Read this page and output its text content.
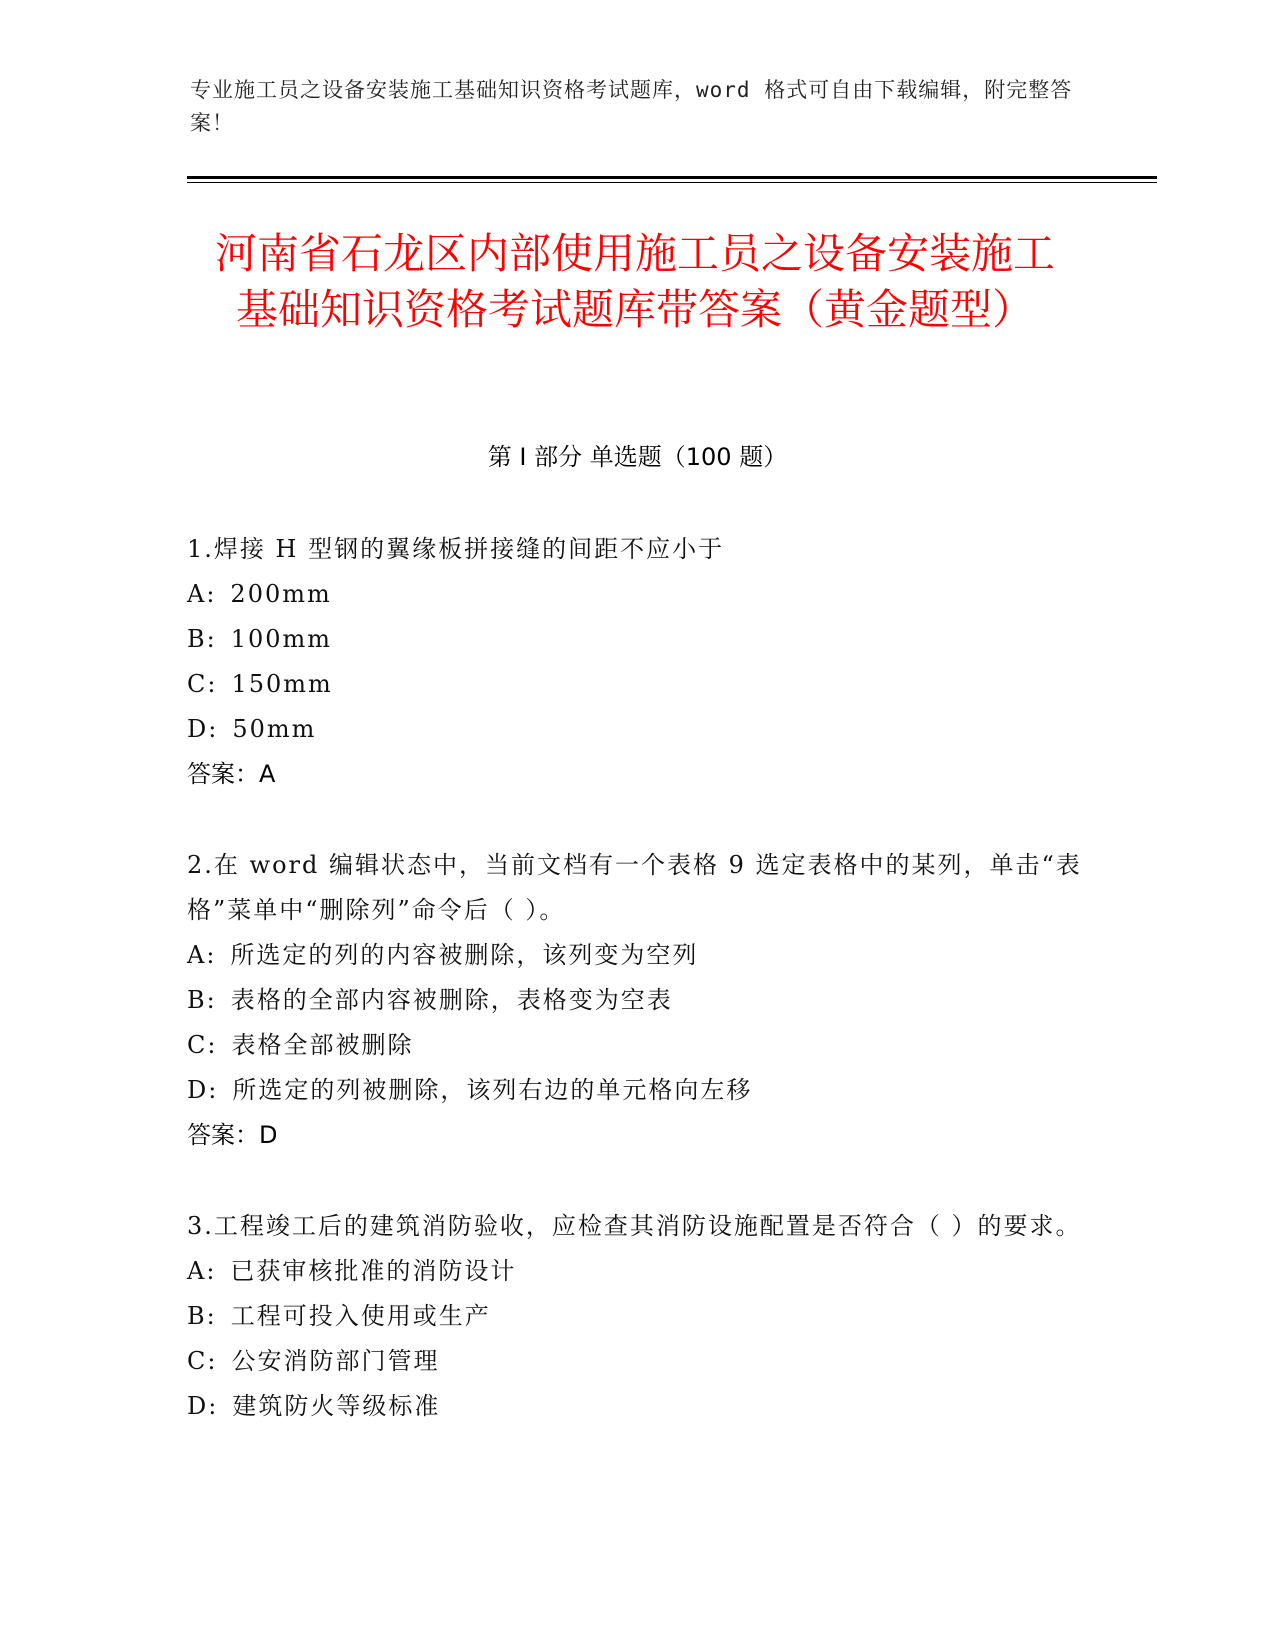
专业施工员之设备安装施工基础知识资格考试题库，word 格式可自由下载编辑，附完整答案！
河南省石龙区内部使用施工员之设备安装施工基础知识资格考试题库带答案（黄金题型）
第 I 部分 单选题（100 题）
1.焊接 H 型钢的翼缘板拼接缝的间距不应小于
A: 200mm
B: 100mm
C: 150mm
D: 50mm
答案：A
2.在 word 编辑状态中，当前文档有一个表格 9 选定表格中的某列，单击“表格”菜单中“删除列”命令后（ ）。
A: 所选定的列的内容被删除，该列变为空列
B: 表格的全部内容被删除，表格变为空表
C: 表格全部被删除
D: 所选定的列被删除，该列右边的单元格向左移
答案：D
3.工程竣工后的建筑消防验收，应检查其消防设施配置是否符合（ ）的要求。
A: 已获审核批准的消防设计
B: 工程可投入使用或生产
C: 公安消防部门管理
D: 建筑防火等级标准
